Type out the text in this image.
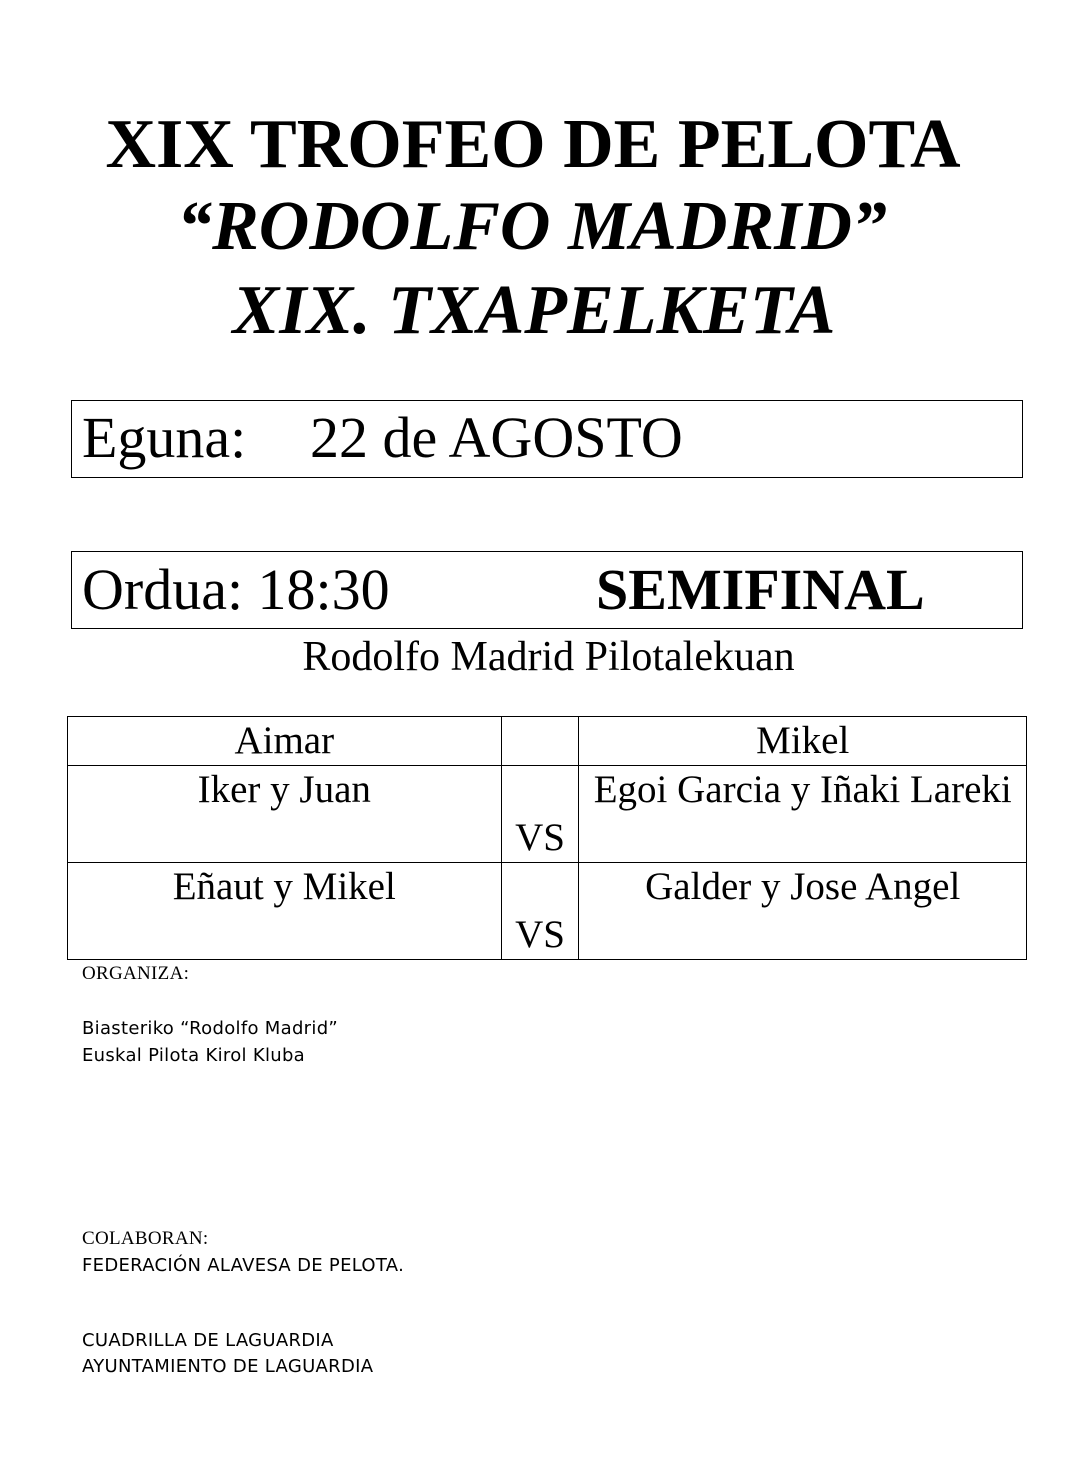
XIX TROFEO DE PELOTA
“RODOLFO MADRID”
XIX. TXAPELKETA
Eguna: 22 de AGOSTO
Ordua: 18:30	SEMIFINAL
Rodolfo Madrid Pilotalekuan
Aimar		Mikel
Iker y Juan	VS	Egoi Garcia y Iñaki Lareki
Eñaut y Mikel	VS	Galder y Jose Angel
ORGANIZA:
Biasteriko “Rodolfo Madrid”
Euskal Pilota Kirol Kluba
COLABORAN:
FEDERACIÓN ALAVESA DE PELOTA.
CUADRILLA DE LAGUARDIA
AYUNTAMIENTO DE LAGUARDIA
